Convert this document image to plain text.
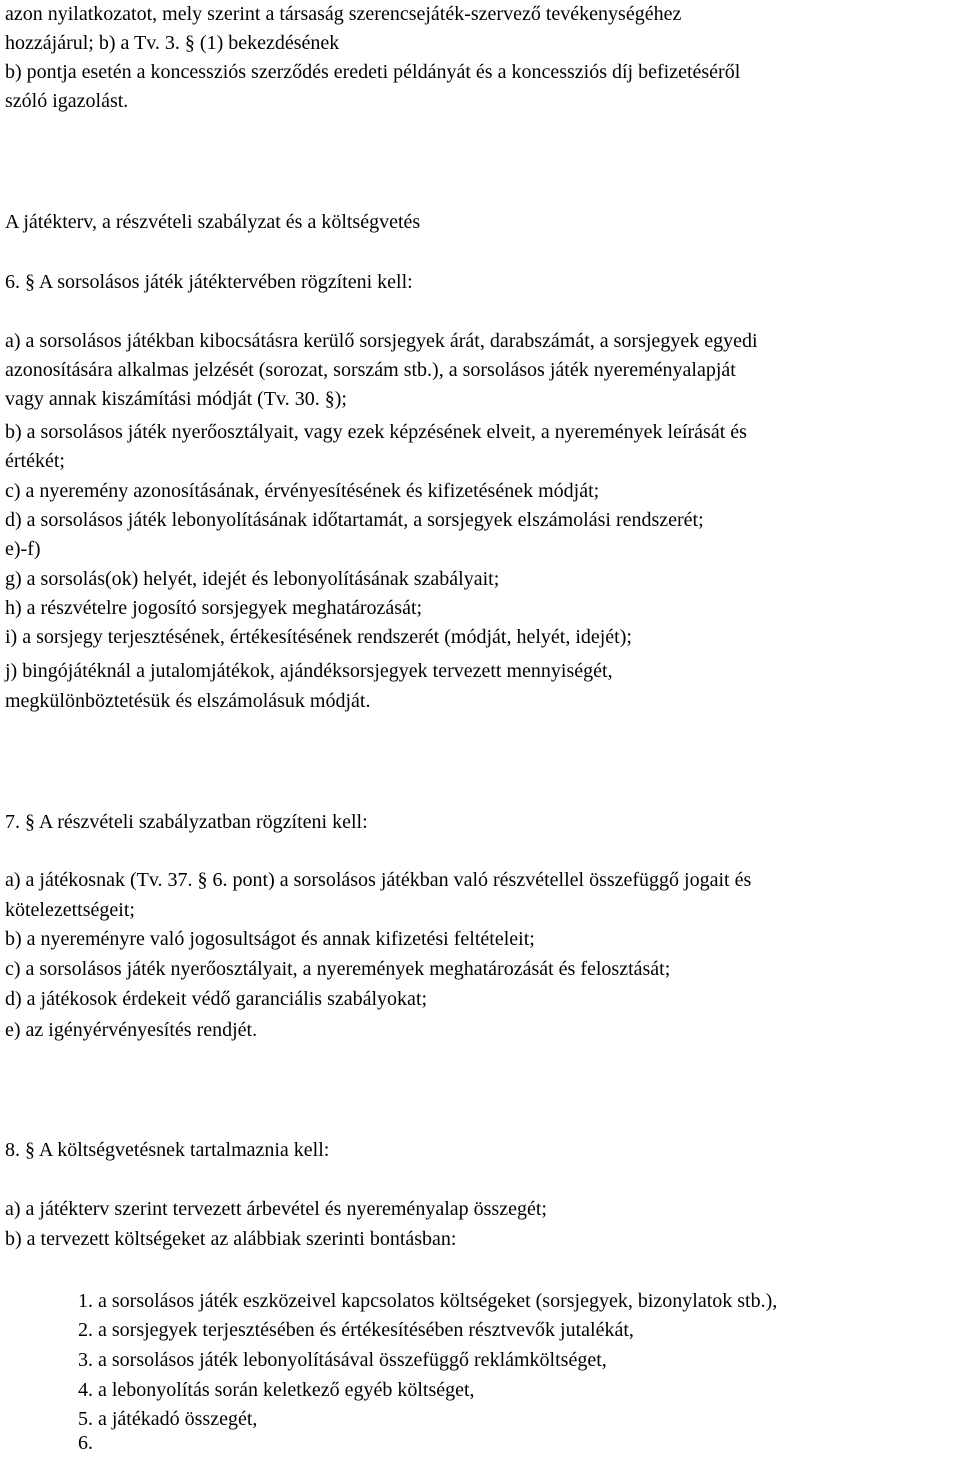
azon nyilatkozatot, mely szerint a társaság szerencsejáték-szervező tevékenységéhez
hozzájárul; b) a Tv. 3. § (1) bekezdésének
b) pontja esetén a koncessziós szerződés eredeti példányát és a koncessziós díj befizetéséről
szóló igazolást.
A játékterv, a részvételi szabályzat és a költségvetés
6. § A sorsolásos játék játéktervében rögzíteni kell:
a) a sorsolásos játékban kibocsátásra kerülő sorsjegyek árát, darabszámát, a sorsjegyek egyedi
azonosítására alkalmas jelzését (sorozat, sorszám stb.), a sorsolásos játék nyereményalapját
vagy annak kiszámítási módját (Tv. 30. §);
b) a sorsolásos játék nyerőosztályait, vagy ezek képzésének elveit, a nyeremények leírását és
értékét;
c) a nyeremény azonosításának, érvényesítésének és kifizetésének módját;
d) a sorsolásos játék lebonyolításának időtartamát, a sorsjegyek elszámolási rendszerét;
e)-f)
g) a sorsolás(ok) helyét, idejét és lebonyolításának szabályait;
h) a részvételre jogosító sorsjegyek meghatározását;
i) a sorsjegy terjesztésének, értékesítésének rendszerét (módját, helyét, idejét);
j) bingójátéknál a jutalomjátékok, ajándéksorsjegyek tervezett mennyiségét,
megkülönböztetésük és elszámolásuk módját.
7. § A részvételi szabályzatban rögzíteni kell:
a) a játékosnak (Tv. 37. § 6. pont) a sorsolásos játékban való részvétellel összefüggő jogait és
kötelezettségeit;
b) a nyereményre való jogosultságot és annak kifizetési feltételeit;
c) a sorsolásos játék nyerőosztályait, a nyeremények meghatározását és felosztását;
d) a játékosok érdekeit védő garanciális szabályokat;
e) az igényérvényesítés rendjét.
8. § A költségvetésnek tartalmaznia kell:
a) a játékterv szerint tervezett árbevétel és nyereményalap összegét;
b) a tervezett költségeket az alábbiak szerinti bontásban:
1. a sorsolásos játék eszközeivel kapcsolatos költségeket (sorsjegyek, bizonylatok stb.),
2. a sorsjegyek terjesztésében és értékesítésében résztvevők jutalékát,
3. a sorsolásos játék lebonyolításával összefüggő reklámköltséget,
4. a lebonyolítás során keletkező egyéb költséget,
5. a játékadó összegét,
6.
